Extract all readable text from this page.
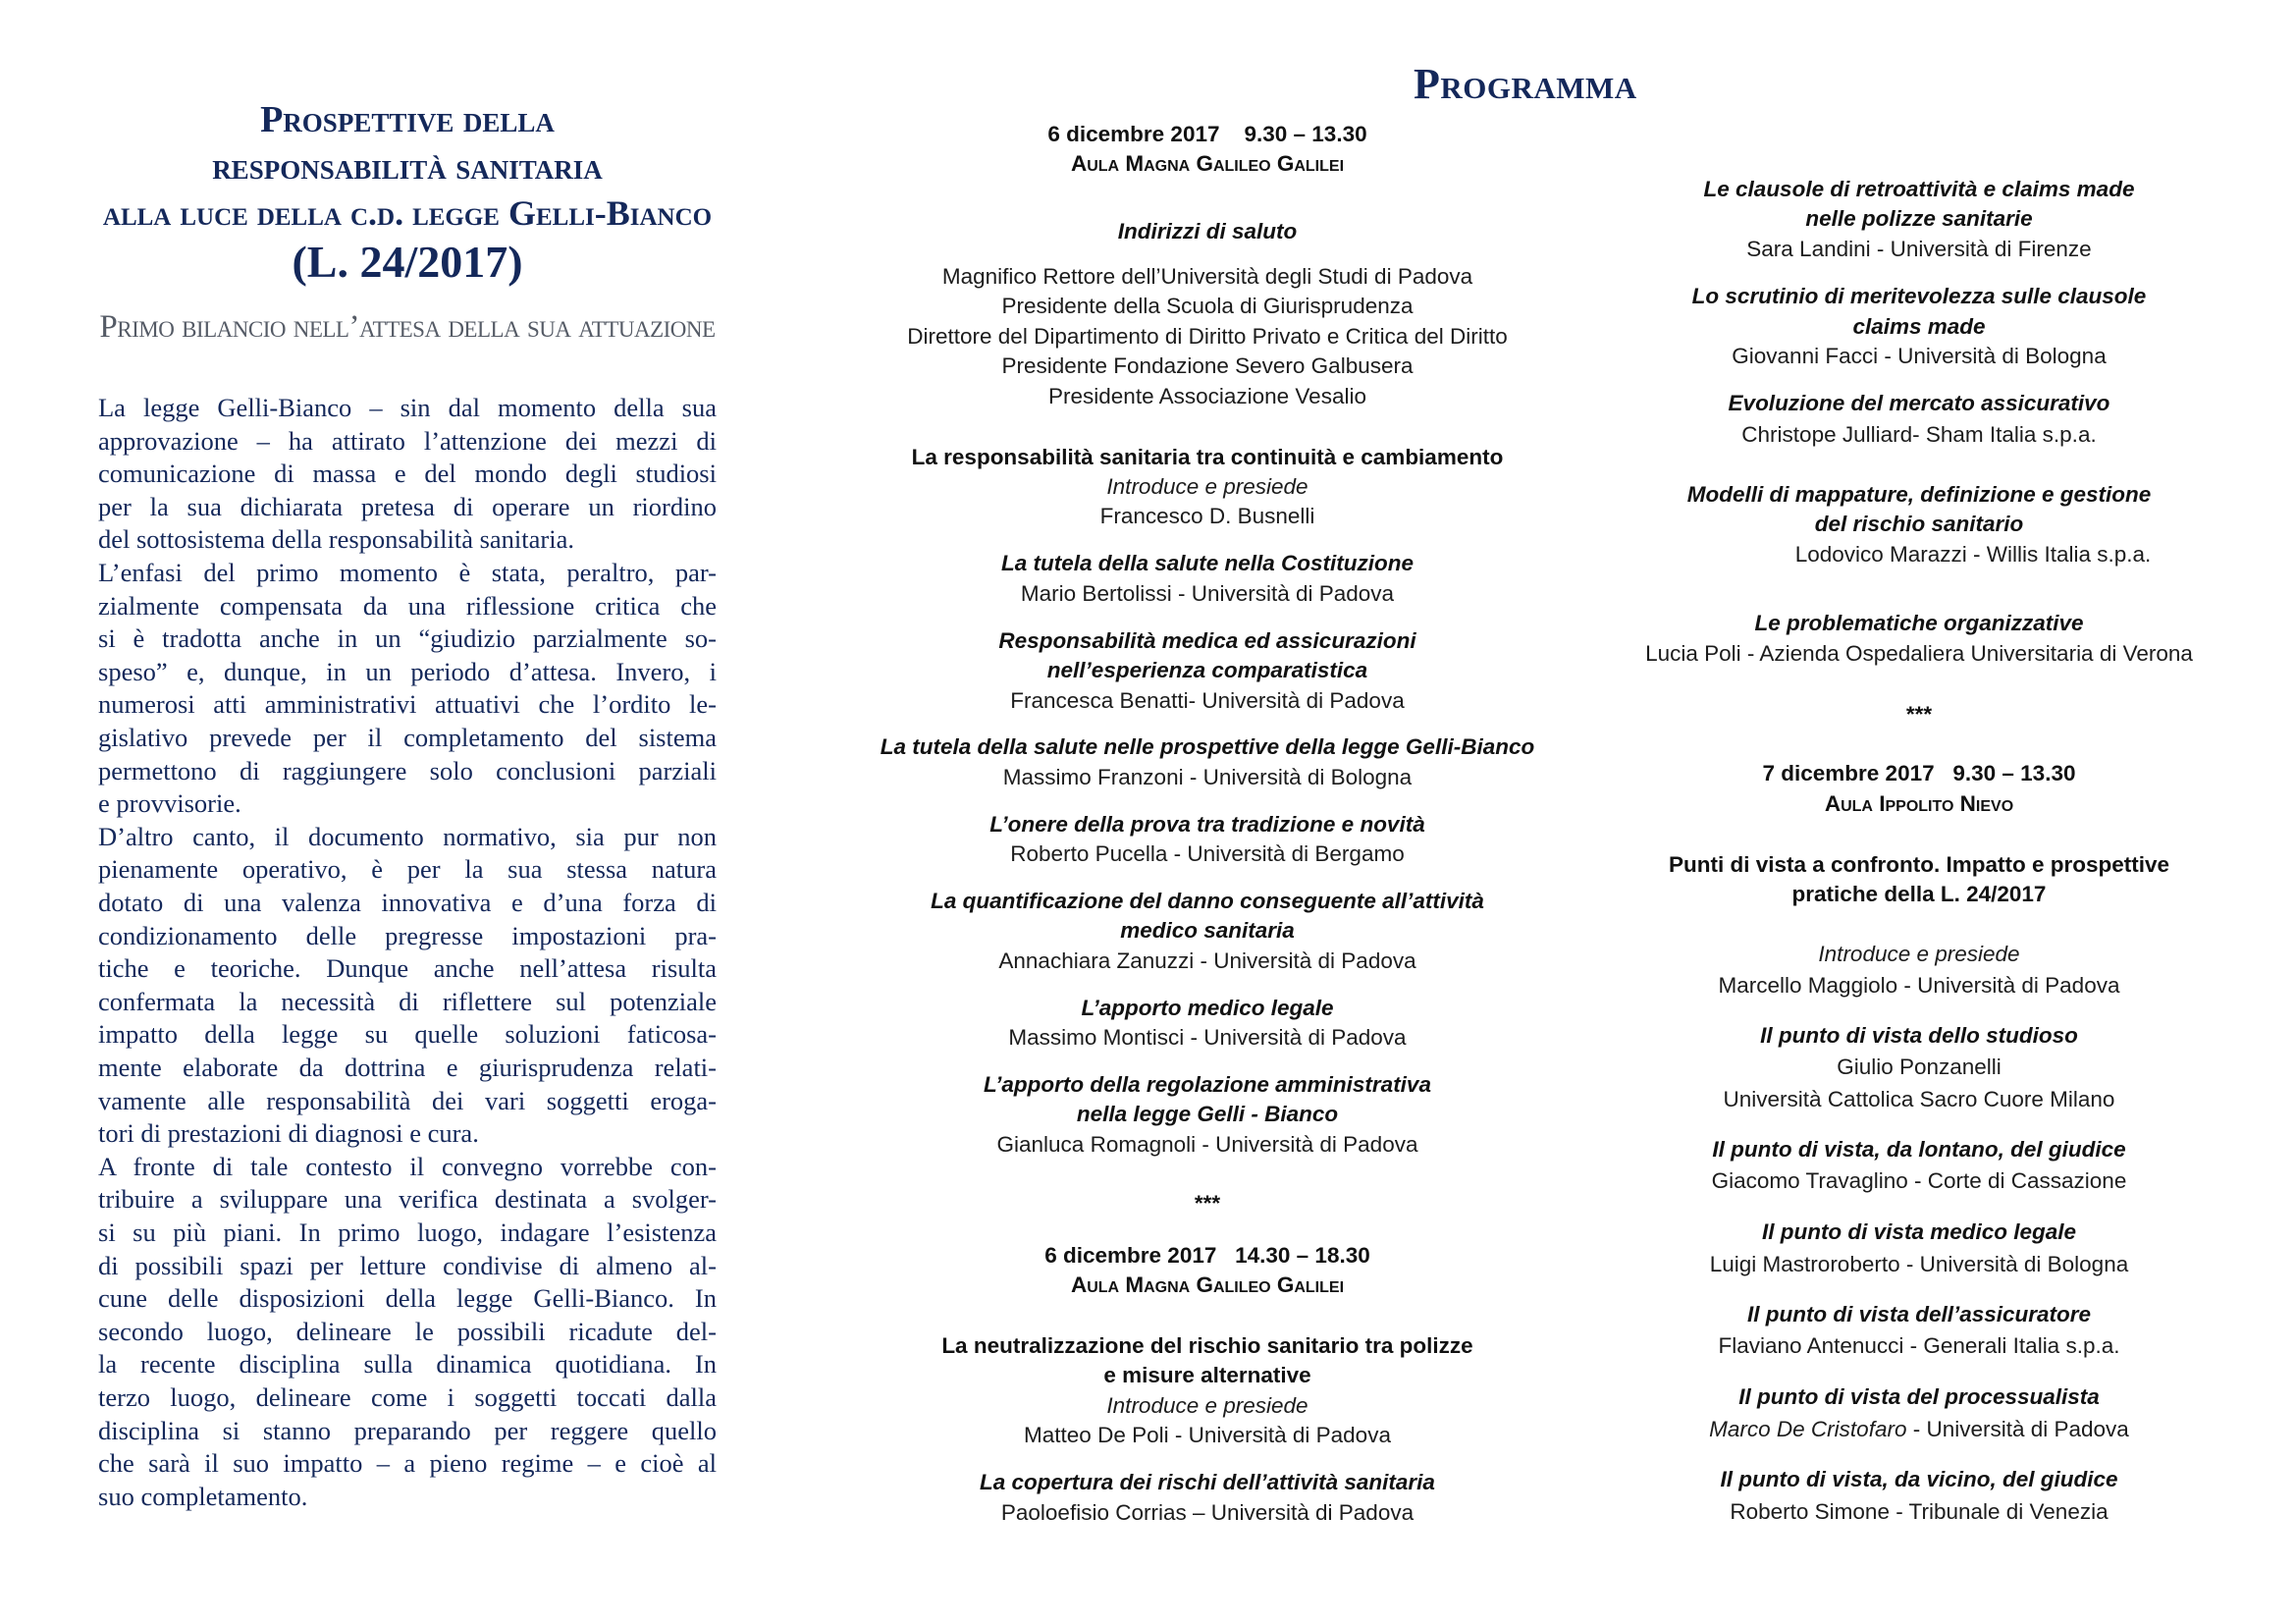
Prospettive della
responsabilità sanitaria
alla luce della c.d. legge Gelli-Bianco
(L. 24/2017)
Primo bilancio nell’attesa della sua attuazione
La legge Gelli-Bianco – sin dal momento della sua
approvazione – ha attirato l’attenzione dei mezzi di
comunicazione di massa e del mondo degli studiosi
per la sua dichiarata pretesa di operare un riordino
del sottosistema della responsabilità sanitaria.
L’enfasi del primo momento è stata, peraltro, par-
zialmente compensata da una riflessione critica che
si è tradotta anche in un “giudizio parzialmente so-
speso” e, dunque, in un periodo d’attesa. Invero, i
numerosi atti amministrativi attuativi che l’ordito le-
gislativo prevede per il completamento del sistema
permettono di raggiungere solo conclusioni parziali
e provvisorie.
D’altro canto, il documento normativo, sia pur non
pienamente operativo, è per la sua stessa natura
dotato di una valenza innovativa e d’una forza di
condizionamento delle pregresse impostazioni pra-
tiche e teoriche. Dunque anche nell’attesa risulta
confermata la necessità di riflettere sul potenziale
impatto della legge su quelle soluzioni faticosa-
mente elaborate da dottrina e giurisprudenza relati-
vamente alle responsabilità dei vari soggetti eroga-
tori di prestazioni di diagnosi e cura.
A fronte di tale contesto il convegno vorrebbe con-
tribuire a sviluppare una verifica destinata a svolger-
si su più piani. In primo luogo, indagare l’esistenza
di possibili spazi per letture condivise di almeno al-
cune delle disposizioni della legge Gelli-Bianco. In
secondo luogo, delineare le possibili ricadute del-
la recente disciplina sulla dinamica quotidiana. In
terzo luogo, delineare come i soggetti toccati dalla
disciplina si stanno preparando per reggere quello
che sarà il suo impatto – a pieno regime – e cioè al
suo completamento.
Programma
6 dicembre 2017    9.30 – 13.30
Aula Magna Galileo Galilei
Indirizzi di saluto
Magnifico Rettore dell’Università degli Studi di Padova
Presidente della Scuola di Giurisprudenza
Direttore del Dipartimento di Diritto Privato e Critica del Diritto
Presidente Fondazione Severo Galbusera
Presidente Associazione Vesalio
La responsabilità sanitaria tra continuità e cambiamento
Introduce e presiede
Francesco D. Busnelli
La tutela della salute nella Costituzione
Mario Bertolissi - Università di Padova
Responsabilità medica ed assicurazioni
nell’esperienza comparatistica
Francesca Benatti- Università di Padova
La tutela della salute nelle prospettive della legge Gelli-Bianco
Massimo Franzoni - Università di Bologna
L’onere della prova tra tradizione e novità
Roberto Pucella - Università di Bergamo
La quantificazione del danno conseguente all’attività
medico sanitaria
Annachiara Zanuzzi - Università di Padova
L’apporto medico legale
Massimo Montisci - Università di Padova
L’apporto della regolazione amministrativa
nella legge Gelli - Bianco
Gianluca Romagnoli - Università di Padova
***
6 dicembre 2017   14.30 – 18.30
Aula Magna Galileo Galilei
La neutralizzazione del rischio sanitario tra polizze
e misure alternative
Introduce e presiede
Matteo De Poli - Università di Padova
La copertura dei rischi dell’attività sanitaria
Paoloefisio Corrias – Università di Padova
Le clausole di retroattività e claims made
nelle polizze sanitarie
Sara Landini - Università di Firenze
Lo scrutinio di meritevolezza sulle clausole
claims made
Giovanni Facci - Università di Bologna
Evoluzione del mercato assicurativo
Christope Julliard- Sham Italia s.p.a.
Modelli di mappature, definizione e gestione
del rischio sanitario
Lodovico Marazzi - Willis Italia s.p.a.
Le problematiche organizzative
Lucia Poli - Azienda Ospedaliera Universitaria di Verona
***
7 dicembre 2017   9.30 – 13.30
Aula Ippolito Nievo
Punti di vista a confronto. Impatto e prospettive
pratiche della L. 24/2017
Introduce e presiede
Marcello Maggiolo - Università di Padova
Il punto di vista dello studioso
Giulio Ponzanelli
Università Cattolica Sacro Cuore Milano
Il punto di vista, da lontano, del giudice
Giacomo Travaglino - Corte di Cassazione
Il punto di vista medico legale
Luigi Mastroroberto - Università di Bologna
Il punto di vista dell’assicuratore
Flaviano Antenucci - Generali Italia s.p.a.
Il punto di vista del processualista
Marco De Cristofaro - Università di Padova
Il punto di vista, da vicino, del giudice
Roberto Simone - Tribunale di Venezia
